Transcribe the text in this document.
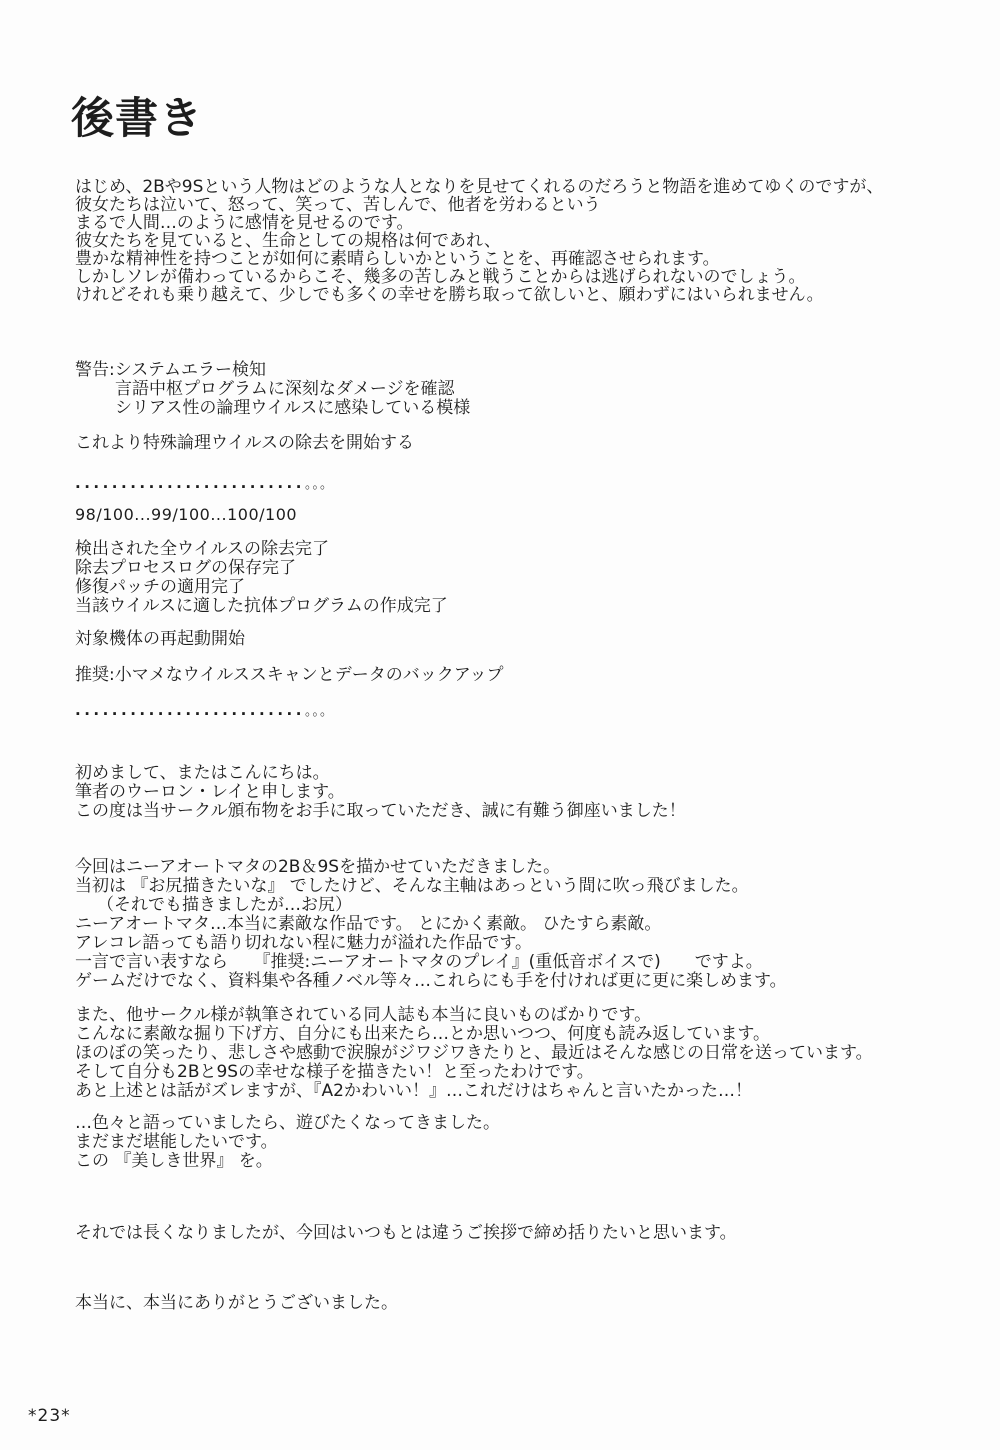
後書き
はじめ、2Bや9Sという人物はどのような人となりを見せてくれるのだろうと物語を進めてゆくのですが、
彼女たちは泣いて、怒って、笑って、苦しんで、他者を労わるという
まるで人間…のように感情を見せるのです。
彼女たちを見ていると、生命としての規格は何であれ、
豊かな精神性を持つことが如何に素晴らしいかということを、再確認させられます。
しかしソレが備わっているからこそ、幾多の苦しみと戦うことからは逃げられないのでしょう。
けれどそれも乗り越えて、少しでも多くの幸せを勝ち取って欲しいと、願わずにはいられません。
警告:システムエラー検知
言語中枢プログラムに深刻なダメージを確認
シリアス性の論理ウイルスに感染している模様
これより特殊論理ウイルスの除去を開始する
.........................。。。
98/100...99/100...100/100
検出された全ウイルスの除去完了
除去プロセスログの保存完了
修復パッチの適用完了
当該ウイルスに適した抗体プログラムの作成完了
対象機体の再起動開始
推奨:小マメなウイルススキャンとデータのバックアップ
.........................。。。
初めまして、またはこんにちは。
筆者のウーロン・レイと申します。
この度は当サークル頒布物をお手に取っていただき、誠に有難う御座いました！
今回はニーアオートマタの2B＆9Sを描かせていただきました。
当初は 『お尻描きたいな』 でしたけど、そんな主軸はあっという間に吹っ飛びました。
（それでも描きましたが…お尻）
ニーアオートマタ…本当に素敵な作品です。 とにかく素敵。 ひたすら素敵。
アレコレ語っても語り切れない程に魅力が溢れた作品です。
一言で言い表すなら　　『推奨:ニーアオートマタのプレイ』(重低音ボイスで)　　ですよ。
ゲームだけでなく、資料集や各種ノベル等々…これらにも手を付ければ更に更に楽しめます。
また、他サークル様が執筆されている同人誌も本当に良いものばかりです。
こんなに素敵な掘り下げ方、自分にも出来たら…とか思いつつ、何度も読み返しています。
ほのぼの笑ったり、悲しさや感動で涙腺がジワジワきたりと、最近はそんな感じの日常を送っています。
そして自分も2Bと9Sの幸せな様子を描きたい！と至ったわけです。
あと上述とは話がズレますが、『A2かわいい！』…これだけはちゃんと言いたかった…！
…色々と語っていましたら、遊びたくなってきました。
まだまだ堪能したいです。
この 『美しき世界』 を。
それでは長くなりましたが、今回はいつもとは違うご挨拶で締め括りたいと思います。
本当に、本当にありがとうございました。
*23*
